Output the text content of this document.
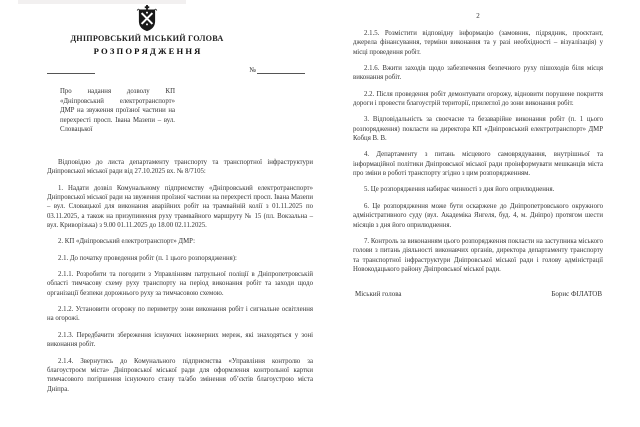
ДНІПРОВСЬКИЙ МІСЬКИЙ ГОЛОВА
Р О З П О Р Я Д Ж Е Н Н Я
№
Про надання дозволу КП «Дніпровський електротранспорт» ДМР на звуження проїзної частини на перехресті просп. Івана Мазепи – вул. Словацької

Відповідно до листа департаменту транспорту та транспортної інфраструктури Дніпровської міської ради від 27.10.2025 вх. № 8/7105:

1. Надати дозвіл Комунальному підприємству «Дніпровський електротранспорт» Дніпровської міської ради на звуження проїзної частини на перехресті просп. Івана Мазепи – вул. Словацької для виконання аварійних робіт на трамвайній колії з 01.11.2025 по 03.11.2025, а також на призупинення руху трамвайного маршруту № 15 (пл. Вокзальна – вул. Криворізька) з 9.00 01.11.2025 до 18.00 02.11.2025.

2. КП «Дніпровський електротранспорт» ДМР:

2.1. До початку проведення робіт (п. 1 цього розпорядження):

2.1.1. Розробити та погодити з Управлінням патрульної поліції в Дніпропетровській області тимчасову схему руху транспорту на період виконання робіт та заходи щодо організації безпеки дорожнього руху за тимчасовою схемою.

2.1.2. Установити огорожу по периметру зони виконання робіт і сигнальне освітлення на огорожі.

2.1.3. Передбачити збереження існуючих інженерних мереж, які знаходяться у зоні виконання робіт.

2.1.4. Звернутись до Комунального підприємства «Управління контролю за благоустроєм міста» Дніпровської міської ради для оформлення контрольної картки тимчасового погіршення існуючого стану та/або змінення об’єктів благоустрою міста Дніпра.

2

2.1.5. Розмістити відповідну інформацію (замовник, підрядник, проєктант, джерела фінансування, терміни виконання та у разі необхідності – візуалізація) у місці проведення робіт.

2.1.6. Вжити заходів щодо забезпечення безпечного руху пішоходів біля місця виконання робіт.

2.2. Після проведення робіт демонтувати огорожу, відновити порушене покриття дороги і провести благоустрій території, прилеглої до зони виконання робіт.

3. Відповідальність за своєчасне та безаварійне виконання робіт (п. 1 цього розпорядження) покласти на директора КП «Дніпровський електротранспорт» ДМР Кобця В. В.

4. Департаменту з питань місцевого самоврядування, внутрішньої та інформаційної політики Дніпровської міської ради проінформувати мешканців міста про зміни в роботі транспорту згідно з цим розпорядженням.

5. Це розпорядження набирає чинності з дня його оприлюднення.

6. Це розпорядження може бути оскаржене до Дніпропетровського окружного адміністративного суду (вул. Академіка Янгеля, буд. 4, м. Дніпро) протягом шести місяців з дня його оприлюднення.

7. Контроль за виконанням цього розпорядження покласти на заступника міського голови з питань діяльності виконавчих органів, директора департаменту транспорту та транспортної інфраструктури Дніпровської міської ради і голову адміністрації Новокодацького району Дніпровської міської ради.

Міський голова	Борис ФІЛАТОВ
